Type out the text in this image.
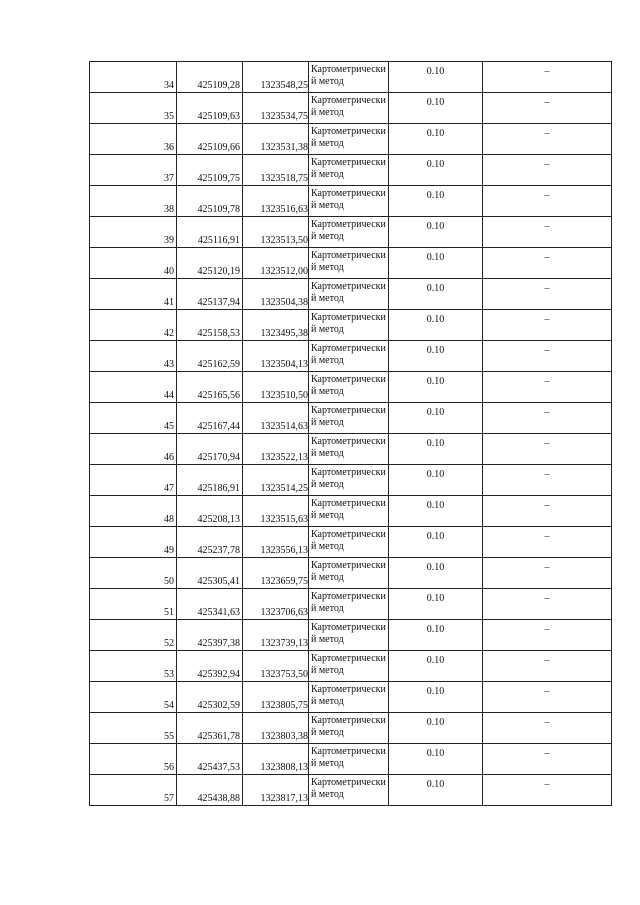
34	425109,28	1323548,25	Картометрический метод	0.10	–
35	425109,63	1323534,75	Картометрический метод	0.10	–
36	425109,66	1323531,38	Картометрический метод	0.10	–
37	425109,75	1323518,75	Картометрический метод	0.10	–
38	425109,78	1323516,63	Картометрический метод	0.10	–
39	425116,91	1323513,50	Картометрический метод	0.10	–
40	425120,19	1323512,00	Картометрический метод	0.10	–
41	425137,94	1323504,38	Картометрический метод	0.10	–
42	425158,53	1323495,38	Картометрический метод	0.10	–
43	425162,59	1323504,13	Картометрический метод	0.10	–
44	425165,56	1323510,50	Картометрический метод	0.10	–
45	425167,44	1323514,63	Картометрический метод	0.10	–
46	425170,94	1323522,13	Картометрический метод	0.10	–
47	425186,91	1323514,25	Картометрический метод	0.10	–
48	425208,13	1323515,63	Картометрический метод	0.10	–
49	425237,78	1323556,13	Картометрический метод	0.10	–
50	425305,41	1323659,75	Картометрический метод	0.10	–
51	425341,63	1323706,63	Картометрический метод	0.10	–
52	425397,38	1323739,13	Картометрический метод	0.10	–
53	425392,94	1323753,50	Картометрический метод	0.10	–
54	425302,59	1323805,75	Картометрический метод	0.10	–
55	425361,78	1323803,38	Картометрический метод	0.10	–
56	425437,53	1323808,13	Картометрический метод	0.10	–
57	425438,88	1323817,13	Картометрический метод	0.10	–
